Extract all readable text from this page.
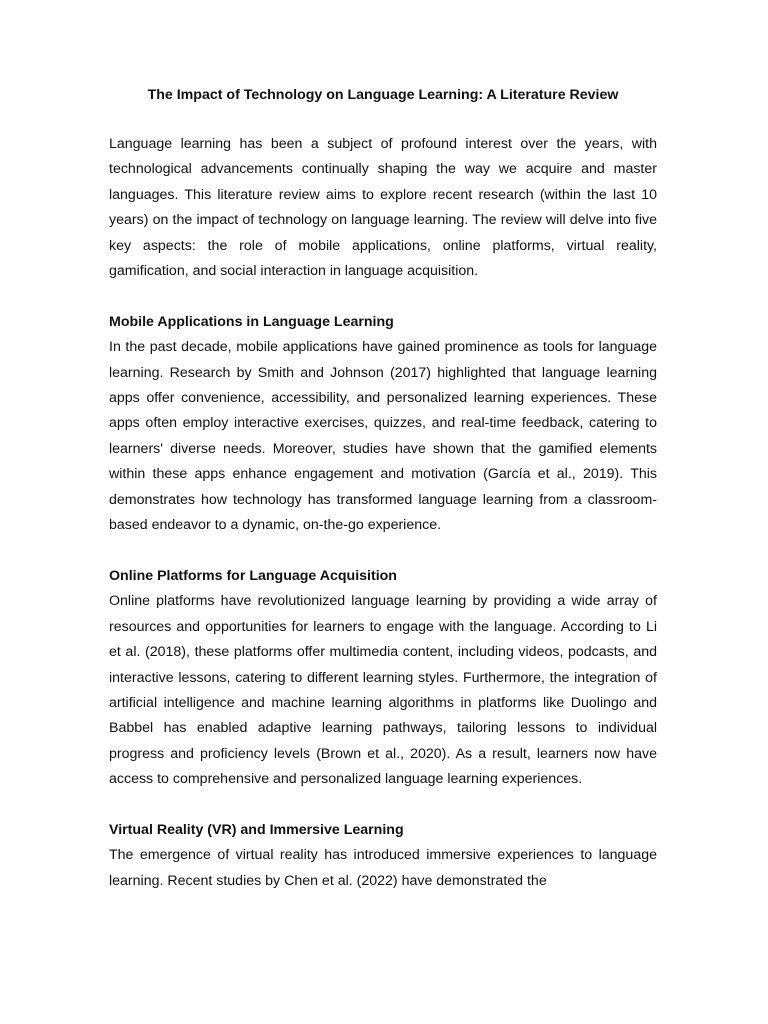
The Impact of Technology on Language Learning: A Literature Review

Language learning has been a subject of profound interest over the years, with technological advancements continually shaping the way we acquire and master languages. This literature review aims to explore recent research (within the last 10 years) on the impact of technology on language learning. The review will delve into five key aspects: the role of mobile applications, online platforms, virtual reality, gamification, and social interaction in language acquisition.

Mobile Applications in Language Learning

In the past decade, mobile applications have gained prominence as tools for language learning. Research by Smith and Johnson (2017) highlighted that language learning apps offer convenience, accessibility, and personalized learning experiences. These apps often employ interactive exercises, quizzes, and real-time feedback, catering to learners' diverse needs. Moreover, studies have shown that the gamified elements within these apps enhance engagement and motivation (García et al., 2019). This demonstrates how technology has transformed language learning from a classroom-based endeavor to a dynamic, on-the-go experience.

Online Platforms for Language Acquisition

Online platforms have revolutionized language learning by providing a wide array of resources and opportunities for learners to engage with the language. According to Li et al. (2018), these platforms offer multimedia content, including videos, podcasts, and interactive lessons, catering to different learning styles. Furthermore, the integration of artificial intelligence and machine learning algorithms in platforms like Duolingo and Babbel has enabled adaptive learning pathways, tailoring lessons to individual progress and proficiency levels (Brown et al., 2020). As a result, learners now have access to comprehensive and personalized language learning experiences.

Virtual Reality (VR) and Immersive Learning

The emergence of virtual reality has introduced immersive experiences to language learning. Recent studies by Chen et al. (2022) have demonstrated the
